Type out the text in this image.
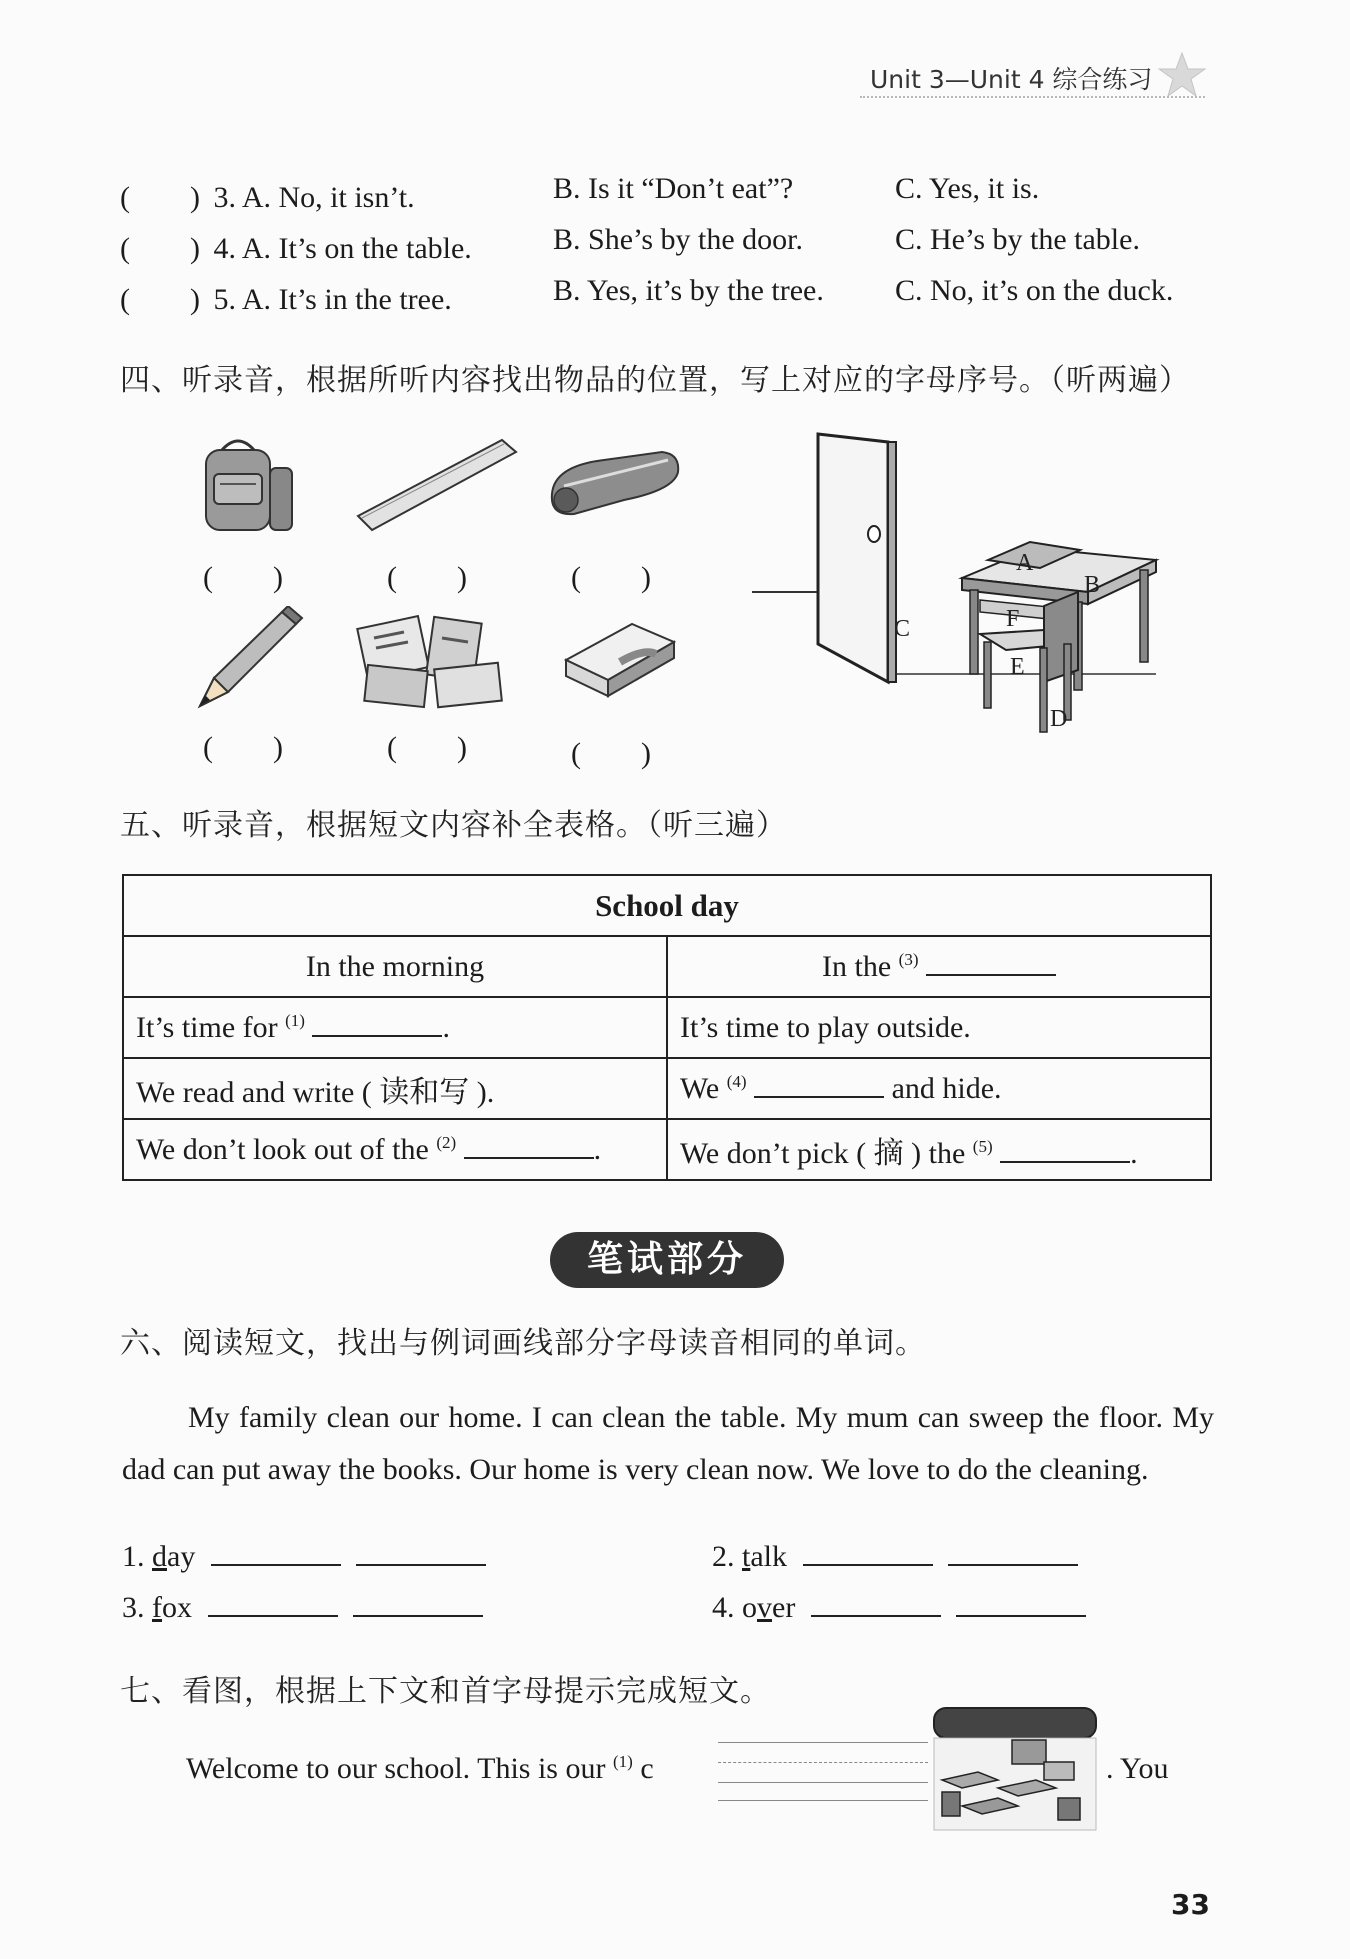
Unit 3—Unit 4 综合练习
(　　) 3. A. No, it isn’t.	B. Is it “Don’t eat”?	C. Yes, it is.
(　　) 4. A. It’s on the table.	B. She’s by the door.	C. He’s by the table.
(　　) 5. A. It’s in the tree.	B. Yes, it’s by the tree. C. No, it’s on the duck.
四、听录音，根据所听内容找出物品的位置，写上对应的字母序号。（听两遍）
(　　)	(　　)	(　　)
(　　)	(　　)	(　　)
A
B
C
D
E
F
五、听录音，根据短文内容补全表格。（听三遍）
School day	
In the morning	In the $^{(3)}$
It’s time for $^{(1)}$ .	It’s time to play outside.
We read and write ( 读和写 ).	We $^{(4)}$ and hide.
We don’t look out of the $^{(2)}$ .	We don’t pick ( 摘 ) the $^{(5)}$ .
笔试部分
六、阅读短文，找出与例词画线部分字母读音相同的单词。
My family clean our home. I can clean the table. My mum can sweep the floor. My dad can put away the books. Our home is very clean now. We love to do the cleaning.
1. day	2. talk
3. fox	4. over
七、看图，根据上下文和首字母提示完成短文。
Welcome to our school. This is our $^{(1)}$ c	. You
33
